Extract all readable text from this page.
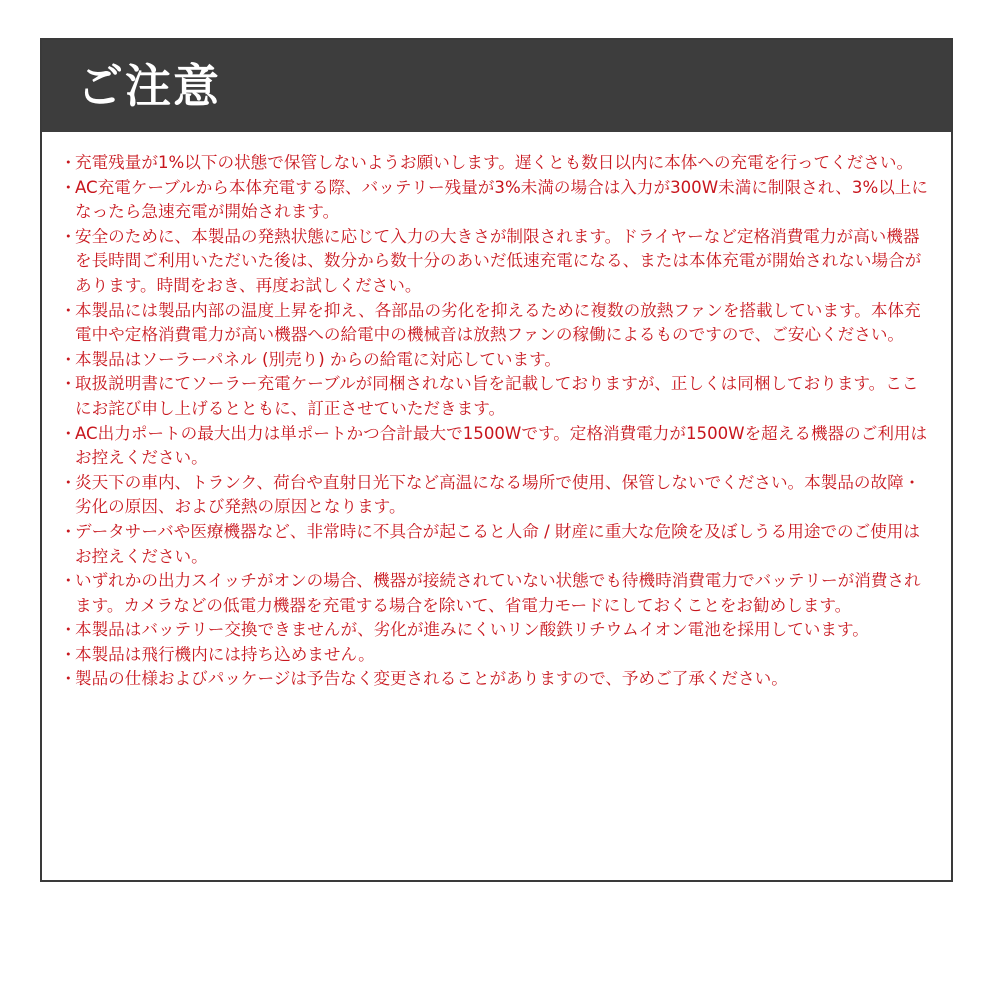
ご注意
・
充電残量が1%以下の状態で保管しないようお願いします。遅くとも数日以内に本体への充電を行ってください。
・
AC充電ケーブルから本体充電する際、バッテリー残量が3%未満の場合は入力が300W未満に制限され、3%以上になったら急速充電が開始されます。
・
安全のために、本製品の発熱状態に応じて入力の大きさが制限されます。ドライヤーなど定格消費電力が高い機器を長時間ご利用いただいた後は、数分から数十分のあいだ低速充電になる、または本体充電が開始されない場合があります。時間をおき、再度お試しください。
・
本製品には製品内部の温度上昇を抑え、各部品の劣化を抑えるために複数の放熱ファンを搭載しています。本体充電中や定格消費電力が高い機器への給電中の機械音は放熱ファンの稼働によるものですので、ご安心ください。
・
本製品はソーラーパネル (別売り) からの給電に対応しています。
・
取扱説明書にてソーラー充電ケーブルが同梱されない旨を記載しておりますが、正しくは同梱しております。ここにお詫び申し上げるとともに、訂正させていただきます。
・
AC出力ポートの最大出力は単ポートかつ合計最大で1500Wです。定格消費電力が1500Wを超える機器のご利用はお控えください。
・
炎天下の車内、トランク、荷台や直射日光下など高温になる場所で使用、保管しないでください。本製品の故障・劣化の原因、および発熱の原因となります。
・
データサーバや医療機器など、非常時に不具合が起こると人命 / 財産に重大な危険を及ぼしうる用途でのご使用はお控えください。
・
いずれかの出力スイッチがオンの場合、機器が接続されていない状態でも待機時消費電力でバッテリーが消費されます。カメラなどの低電力機器を充電する場合を除いて、省電力モードにしておくことをお勧めします。
・
本製品はバッテリー交換できませんが、劣化が進みにくいリン酸鉄リチウムイオン電池を採用しています。
・
本製品は飛行機内には持ち込めません。
・
製品の仕様およびパッケージは予告なく変更されることがありますので、予めご了承ください。
